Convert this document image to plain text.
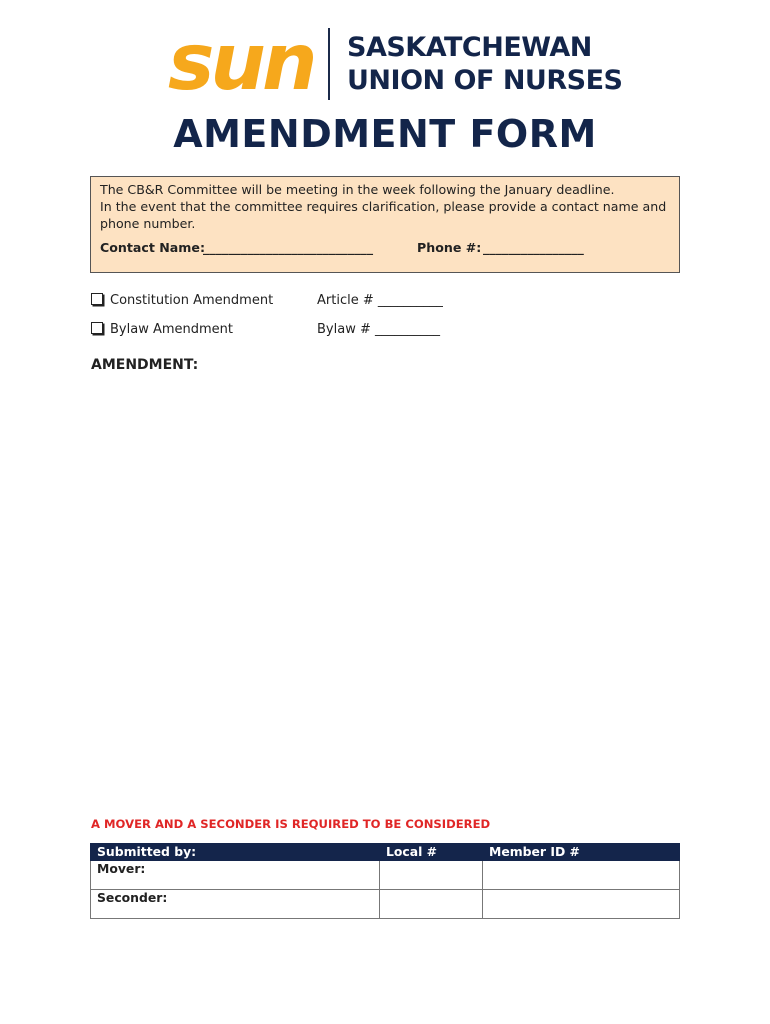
sun SASKATCHEWAN
UNION OF NURSES
AMENDMENT FORM
The CB&R Committee will be meeting in the week following the January deadline.
In the event that the committee requires clarification, please provide a contact name and
phone number.
Contact Name:
___________________________	Phone #: ________________
Constitution Amendment	Article # __________
Bylaw Amendment	Bylaw # __________
AMENDMENT:
A MOVER AND A SECONDER IS REQUIRED TO BE CONSIDERED
Submitted by:	Local #	Member ID #
Mover:		
Seconder:		
